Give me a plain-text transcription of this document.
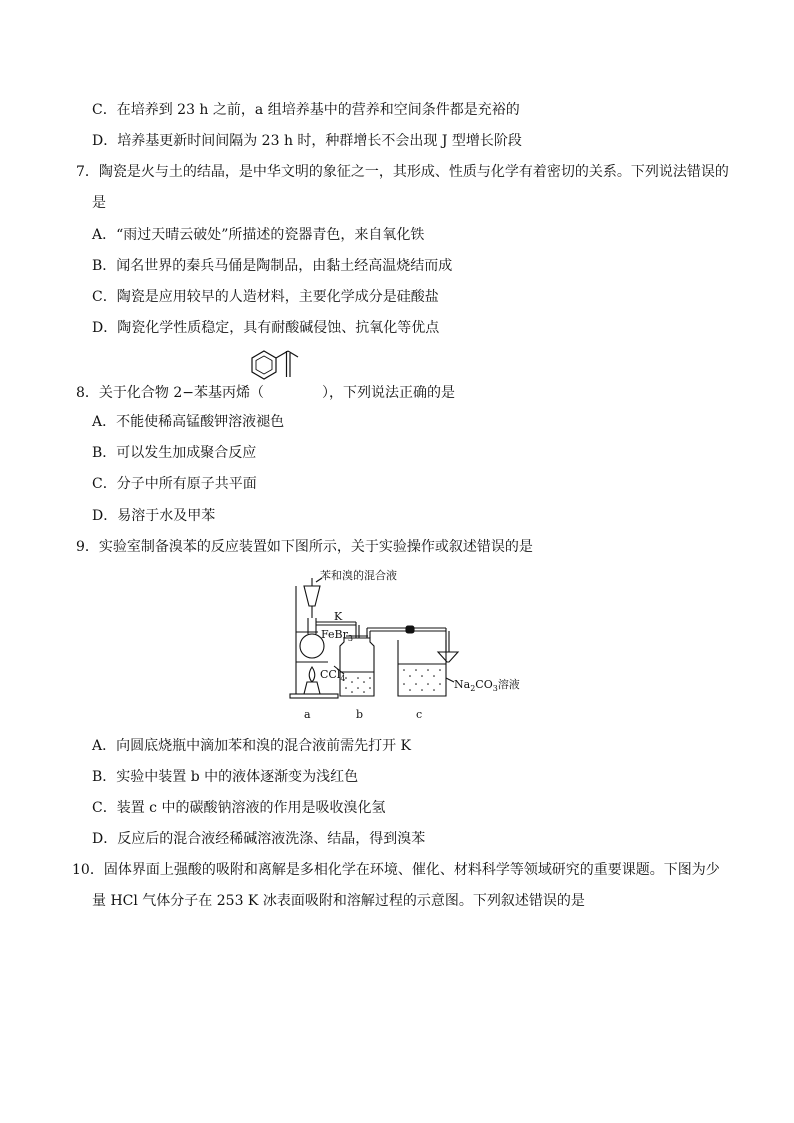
C．在培养到 23 h 之前，a 组培养基中的营养和空间条件都是充裕的
D．培养基更新时间间隔为 23 h 时，种群增长不会出现 J 型增长阶段
7．陶瓷是火与土的结晶，是中华文明的象征之一，其形成、性质与化学有着密切的关系。下列说法错误的
是
A．“雨过天晴云破处”所描述的瓷器青色，来自氧化铁
B．闻名世界的秦兵马俑是陶制品，由黏土经高温烧结而成
C．陶瓷是应用较早的人造材料，主要化学成分是硅酸盐
D．陶瓷化学性质稳定，具有耐酸碱侵蚀、抗氧化等优点
8．关于化合物 2−苯基丙烯（	），下列说法正确的是
A．不能使稀高锰酸钾溶液褪色
B．可以发生加成聚合反应
C．分子中所有原子共平面
D．易溶于水及甲苯
9．实验室制备溴苯的反应装置如下图所示，关于实验操作或叙述错误的是
苯和溴的混合液
K
FeBr$_3$
CCl$_4$	$Na_2CO_3$溶液
a	b	c
A．向圆底烧瓶中滴加苯和溴的混合液前需先打开 K
B．实验中装置 b 中的液体逐渐变为浅红色
C．装置 c 中的碳酸钠溶液的作用是吸收溴化氢
D．反应后的混合液经稀碱溶液洗涤、结晶，得到溴苯
10．固体界面上强酸的吸附和离解是多相化学在环境、催化、材料科学等领域研究的重要课题。下图为少
量 HCl 气体分子在 253 K 冰表面吸附和溶解过程的示意图。下列叙述错误的是
